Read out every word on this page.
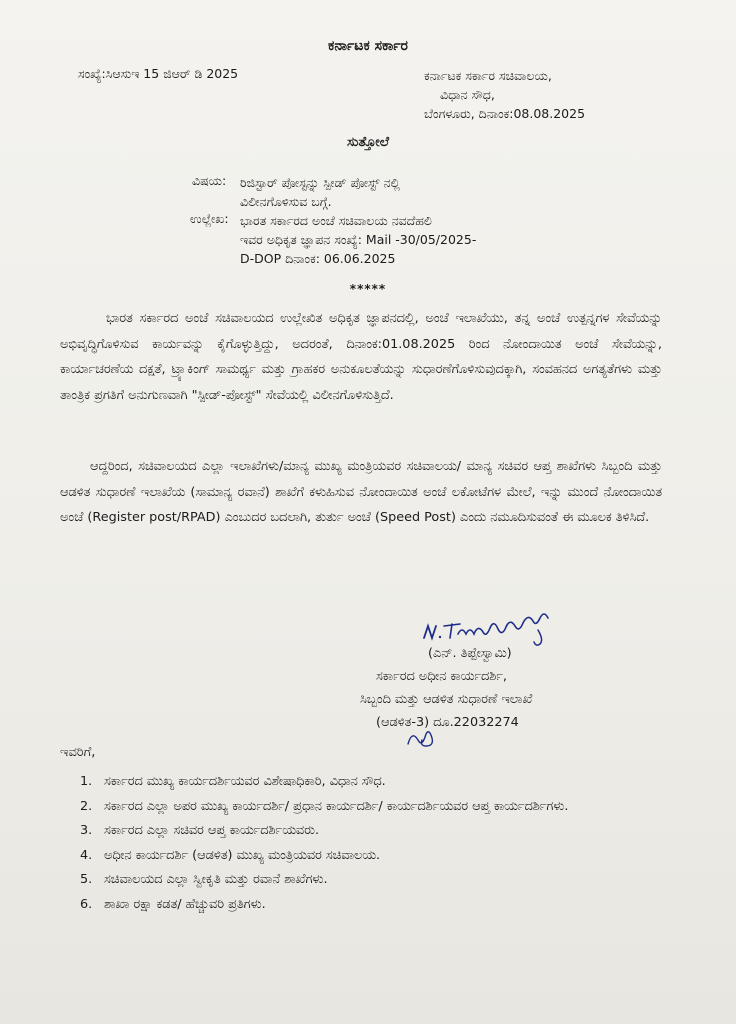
ಕರ್ನಾಟಕ ಸರ್ಕಾರ
ಸಂಖ್ಯೆ:ಸಿಆಸುಇ 15 ಜಿಆರ್ ಡಿ 2025	ಕರ್ನಾಟಕ ಸರ್ಕಾರ ಸಚಿವಾಲಯ,
ವಿಧಾನ ಸೌಧ,
ಬೆಂಗಳೂರು, ದಿನಾಂಕ:08.08.2025
ಸುತ್ತೋಲೆ
ವಿಷಯ: ರಿಜಿಸ್ಟಾರ್ ಪೋಸ್ಟನ್ನು ಸ್ಪೀಡ್ ಪೋಸ್ಟ್ ನಲ್ಲಿ
ವಿಲೀನಗೊಳಿಸುವ ಬಗ್ಗೆ.
ಉಲ್ಲೇಖ: ಭಾರತ ಸರ್ಕಾರದ ಅಂಚೆ ಸಚಿವಾಲಯ ನವದೆಹಲಿ
ಇವರ ಅಧಿಕೃತ ಜ್ಞಾಪನ ಸಂಖ್ಯೆ: Mail -30/05/2025-
D-DOP ದಿನಾಂಕ: 06.06.2025
*****
ಭಾರತ ಸರ್ಕಾರದ ಅಂಚೆ ಸಚಿವಾಲಯದ ಉಲ್ಲೇಖಿತ ಅಧಿಕೃತ ಜ್ಞಾಪನದಲ್ಲಿ, ಅಂಚೆ ಇಲಾಖೆಯು, ತನ್ನ ಅಂಚೆ ಉತ್ಪನ್ನಗಳ ಸೇವೆಯನ್ನು ಅಭಿವೃದ್ಧಿಗೊಳಿಸುವ ಕಾರ್ಯವನ್ನು ಕೈಗೊಳ್ಳುತ್ತಿದ್ದು, ಅದರಂತೆ, ದಿನಾಂಕ:01.08.2025 ರಿಂದ ನೋಂದಾಯಿತ ಅಂಚೆ ಸೇವೆಯನ್ನು, ಕಾರ್ಯಾಚರಣೆಯ ದಕ್ಷತೆ, ಟ್ರ್ಯಾಕಿಂಗ್ ಸಾಮರ್ಥ್ಯ ಮತ್ತು ಗ್ರಾಹಕರ ಅನುಕೂಲತೆಯನ್ನು ಸುಧಾರಣೆಗೊಳಿಸುವುದಕ್ಕಾಗಿ, ಸಂವಹನದ ಅಗತ್ಯತೆಗಳು ಮತ್ತು ತಾಂತ್ರಿಕ ಪ್ರಗತಿಗೆ ಅನುಗುಣವಾಗಿ "ಸ್ಪೀಡ್-ಪೋಸ್ಟ್" ಸೇವೆಯಲ್ಲಿ ವಿಲೀನಗೊಳಿಸುತ್ತಿದೆ.
ಆದ್ದರಿಂದ, ಸಚಿವಾಲಯದ ಎಲ್ಲಾ ಇಲಾಖೆಗಳು/ಮಾನ್ಯ ಮುಖ್ಯ ಮಂತ್ರಿಯವರ ಸಚಿವಾಲಯ/ ಮಾನ್ಯ ಸಚಿವರ ಆಪ್ತ ಶಾಖೆಗಳು ಸಿಬ್ಬಂದಿ ಮತ್ತು ಆಡಳಿತ ಸುಧಾರಣೆ ಇಲಾಖೆಯ (ಸಾಮಾನ್ಯ ರವಾನೆ) ಶಾಖೆಗೆ ಕಳುಹಿಸುವ ನೋಂದಾಯಿತ ಅಂಚೆ ಲಕೋಟೆಗಳ ಮೇಲೆ, ಇನ್ನು ಮುಂದೆ ನೋಂದಾಯಿತ ಅಂಚೆ (Register post/RPAD) ಎಂಬುದರ ಬದಲಾಗಿ, ತುರ್ತು ಅಂಚೆ (Speed Post) ಎಂದು ನಮೂದಿಸುವಂತೆ ಈ ಮೂಲಕ ತಿಳಿಸಿದೆ.
(ಎನ್. ತಿಪ್ಪೇಸ್ವಾಮಿ)
ಸರ್ಕಾರದ ಅಧೀನ ಕಾರ್ಯದರ್ಶಿ,
ಸಿಬ್ಬಂದಿ ಮತ್ತು ಆಡಳಿತ ಸುಧಾರಣೆ ಇಲಾಖೆ
(ಆಡಳಿತ-3) ದೂ.22032274
ಇವರಿಗೆ,
1. ಸರ್ಕಾರದ ಮುಖ್ಯ ಕಾರ್ಯದರ್ಶಿಯವರ ವಿಶೇಷಾಧಿಕಾರಿ, ವಿಧಾನ ಸೌಧ.
2. ಸರ್ಕಾರದ ಎಲ್ಲಾ ಅಪರ ಮುಖ್ಯ ಕಾರ್ಯದರ್ಶಿ/ ಪ್ರಧಾನ ಕಾರ್ಯದರ್ಶಿ/ ಕಾರ್ಯದರ್ಶಿಯವರ ಆಪ್ತ ಕಾರ್ಯದರ್ಶಿಗಳು.
3. ಸರ್ಕಾರದ ಎಲ್ಲಾ ಸಚಿವರ ಆಪ್ತ ಕಾರ್ಯದರ್ಶಿಯವರು.
4. ಅಧೀನ ಕಾರ್ಯದರ್ಶಿ (ಆಡಳಿತ) ಮುಖ್ಯ ಮಂತ್ರಿಯವರ ಸಚಿವಾಲಯ.
5. ಸಚಿವಾಲಯದ ಎಲ್ಲಾ ಸ್ವೀಕೃತಿ ಮತ್ತು ರವಾನೆ ಶಾಖೆಗಳು.
6. ಶಾಖಾ ರಕ್ಷಾ ಕಡತ/ ಹೆಚ್ಚುವರಿ ಪ್ರತಿಗಳು.
